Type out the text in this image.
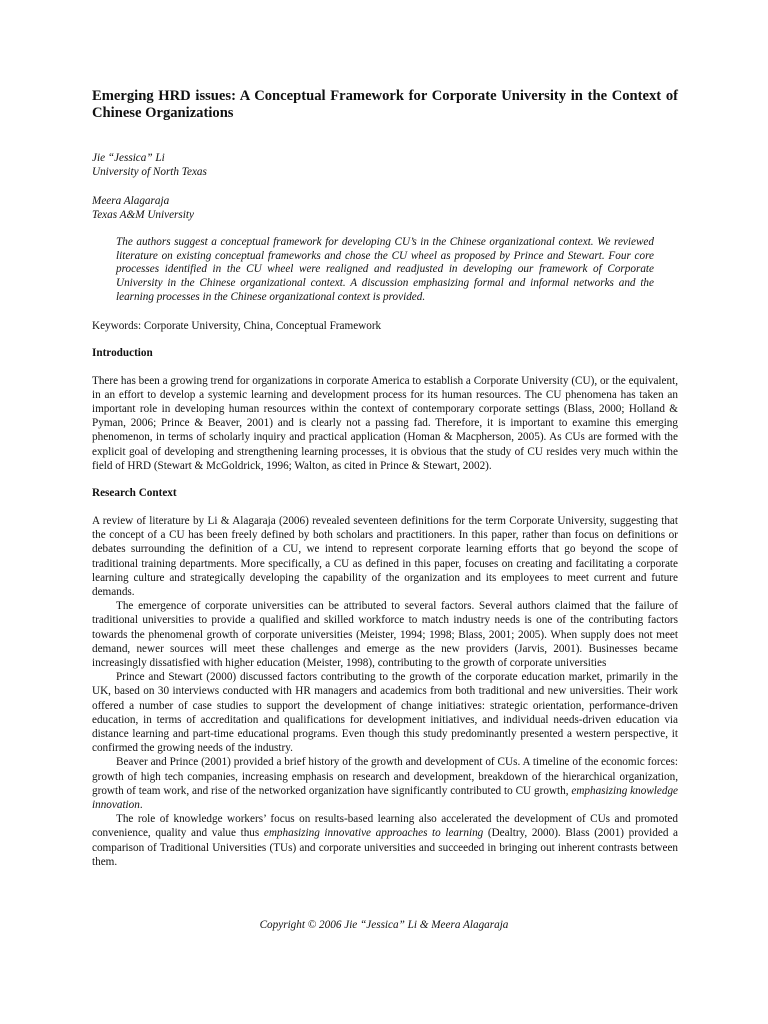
Emerging HRD issues: A Conceptual Framework for Corporate University in the Context of Chinese Organizations
Jie “Jessica” Li
University of North Texas
Meera Alagaraja
Texas A&M University

The authors suggest a conceptual framework for developing CU’s in the Chinese organizational context. We reviewed literature on existing conceptual frameworks and chose the CU wheel as proposed by Prince and Stewart. Four core processes identified in the CU wheel were realigned and readjusted in developing our framework of Corporate University in the Chinese organizational context. A discussion emphasizing formal and informal networks and the learning processes in the Chinese organizational context is provided.

Keywords: Corporate University, China, Conceptual Framework
Introduction

There has been a growing trend for organizations in corporate America to establish a Corporate University (CU), or the equivalent, in an effort to develop a systemic learning and development process for its human resources. The CU phenomena has taken an important role in developing human resources within the context of contemporary corporate settings (Blass, 2000; Holland & Pyman, 2006; Prince & Beaver, 2001) and is clearly not a passing fad. Therefore, it is important to examine this emerging phenomenon, in terms of scholarly inquiry and practical application (Homan & Macpherson, 2005). As CUs are formed with the explicit goal of developing and strengthening learning processes, it is obvious that the study of CU resides very much within the field of HRD (Stewart & McGoldrick, 1996; Walton, as cited in Prince & Stewart, 2002).

Research Context

A review of literature by Li & Alagaraja (2006) revealed seventeen definitions for the term Corporate University, suggesting that the concept of a CU has been freely defined by both scholars and practitioners. In this paper, rather than focus on definitions or debates surrounding the definition of a CU, we intend to represent corporate learning efforts that go beyond the scope of traditional training departments. More specifically, a CU as defined in this paper, focuses on creating and facilitating a corporate learning culture and strategically developing the capability of the organization and its employees to meet current and future demands.

The emergence of corporate universities can be attributed to several factors. Several authors claimed that the failure of traditional universities to provide a qualified and skilled workforce to match industry needs is one of the contributing factors towards the phenomenal growth of corporate universities (Meister, 1994; 1998; Blass, 2001; 2005). When supply does not meet demand, newer sources will meet these challenges and emerge as the new providers (Jarvis, 2001). Businesses became increasingly dissatisfied with higher education (Meister, 1998), contributing to the growth of corporate universities

Prince and Stewart (2000) discussed factors contributing to the growth of the corporate education market, primarily in the UK, based on 30 interviews conducted with HR managers and academics from both traditional and new universities. Their work offered a number of case studies to support the development of change initiatives: strategic orientation, performance-driven education, in terms of accreditation and qualifications for development initiatives, and individual needs-driven education via distance learning and part-time educational programs. Even though this study predominantly presented a western perspective, it confirmed the growing needs of the industry.

Beaver and Prince (2001) provided a brief history of the growth and development of CUs. A timeline of the economic forces: growth of high tech companies, increasing emphasis on research and development, breakdown of the hierarchical organization, growth of team work, and rise of the networked organization have significantly contributed to CU growth, emphasizing knowledge innovation.

The role of knowledge workers’ focus on results-based learning also accelerated the development of CUs and promoted convenience, quality and value thus emphasizing innovative approaches to learning (Dealtry, 2000). Blass (2001) provided a comparison of Traditional Universities (TUs) and corporate universities and succeeded in bringing out inherent contrasts between them.

Copyright © 2006 Jie “Jessica” Li & Meera Alagaraja
